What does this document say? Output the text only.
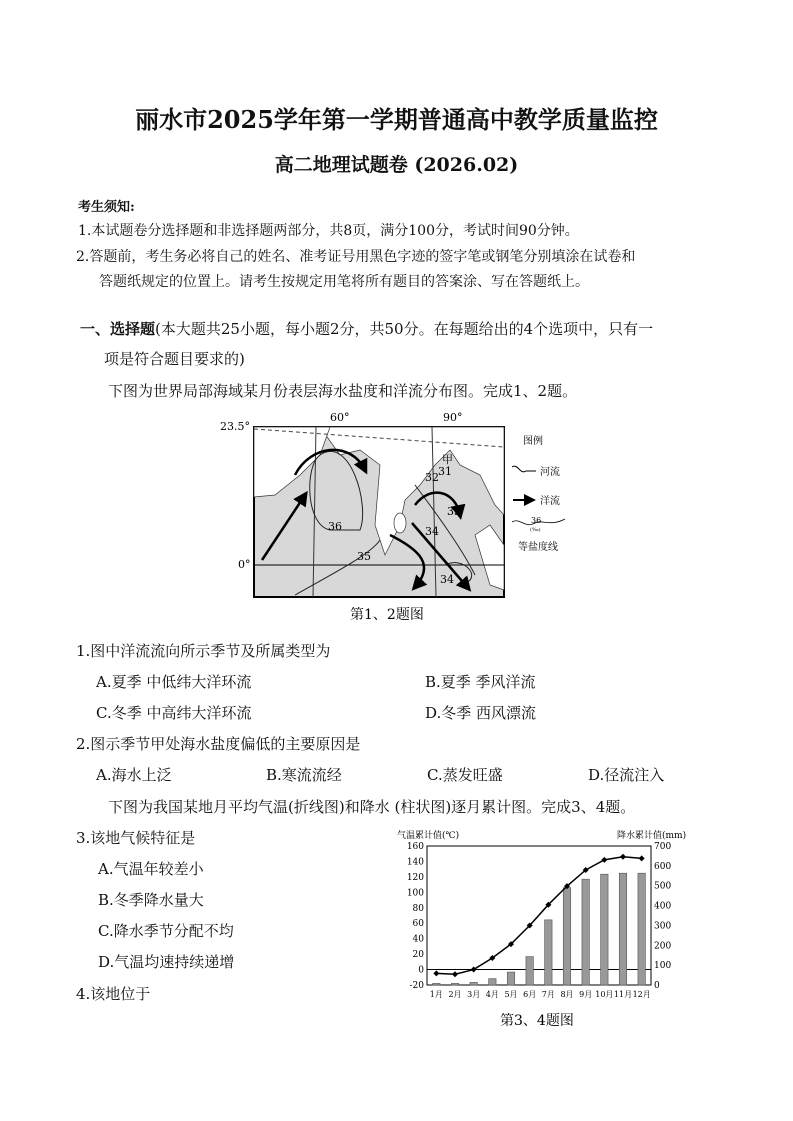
丽水市2025学年第一学期普通高中教学质量监控
高二地理试题卷 (2026.02)
考生须知:
1.本试题卷分选择题和非选择题两部分，共8页，满分100分，考试时间90分钟。
2.答题前，考生务必将自己的姓名、准考证号用黑色字迹的签字笔或钢笔分别填涂在试卷和
答题纸规定的位置上。请考生按规定用笔将所有题目的答案涂、写在答题纸上。
一、选择题(本大题共25小题，每小题2分，共50分。在每题给出的4个选项中，只有一
项是符合题目要求的)
下图为世界局部海域某月份表层海水盐度和洋流分布图。完成1、2题。
23.5°
0°
60°	90°
36
35
34
34
33
32 31
甲
图例
河流
洋流
36
(‰)
等盐度线
第1、2题图
1.图中洋流流向所示季节及所属类型为
A.夏季 中低纬大洋环流	B.夏季 季风洋流
C.冬季 中高纬大洋环流	D.冬季 西风漂流
2.图示季节甲处海水盐度偏低的主要原因是
A.海水上泛	B.寒流流经	C.蒸发旺盛	D.径流注入
下图为我国某地月平均气温(折线图)和降水 (柱状图)逐月累计图。完成3、4题。
3.该地气候特征是
A.气温年较差小
B.冬季降水量大
C.降水季节分配不均
D.气温均速持续递增
4.该地位于
气温累计值(℃)	降水累计值(mm)
-20
0
20
40
60
80
100
120
140
160
0
100
200
300
400
500
600
700
1月 2月 3月 4月 5月 6月 7月 8月 9月 10月 11月 12月
第3、4题图
